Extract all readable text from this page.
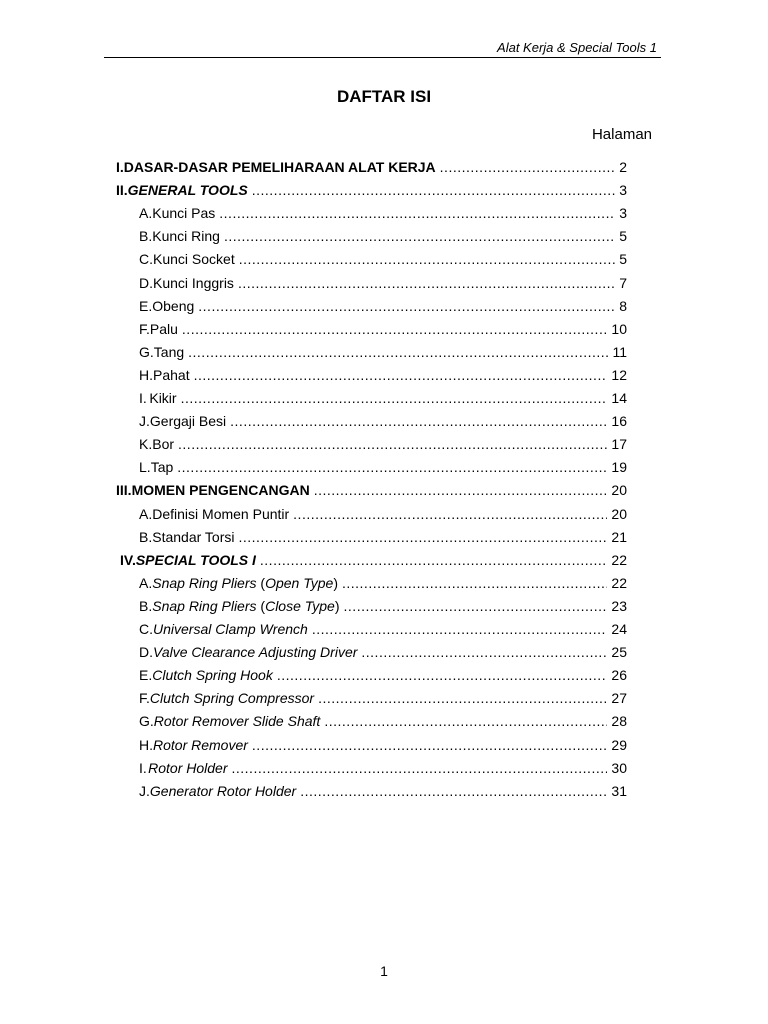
Alat Kerja & Special Tools 1
DAFTAR ISI
Halaman
I. DASAR-DASAR PEMELIHARAAN ALAT KERJA .....	2
II. GENERAL TOOLS .....	3
A. Kunci Pas .....	3
B. Kunci Ring .....	5
C. Kunci Socket .....	5
D. Kunci Inggris .....	7
E. Obeng .....	8
F. Palu .....	10
G. Tang .....	11
H. Pahat .....	12
I. Kikir .....	14
J. Gergaji Besi .....	16
K. Bor .....	17
L. Tap .....	19
III. MOMEN PENGENCANGAN .....	20
A. Definisi Momen Puntir .....	20
B. Standar Torsi .....	21
IV. SPECIAL TOOLS I .....	22
A. Snap Ring Pliers (Open Type) .....	22
B. Snap Ring Pliers (Close Type) .....	23
C. Universal Clamp Wrench .....	24
D. Valve Clearance Adjusting Driver .....	25
E. Clutch Spring Hook .....	26
F. Clutch Spring Compressor .....	27
G. Rotor Remover Slide Shaft .....	28
H. Rotor Remover .....	29
I. Rotor Holder .....	30
J. Generator Rotor Holder .....	31
1
